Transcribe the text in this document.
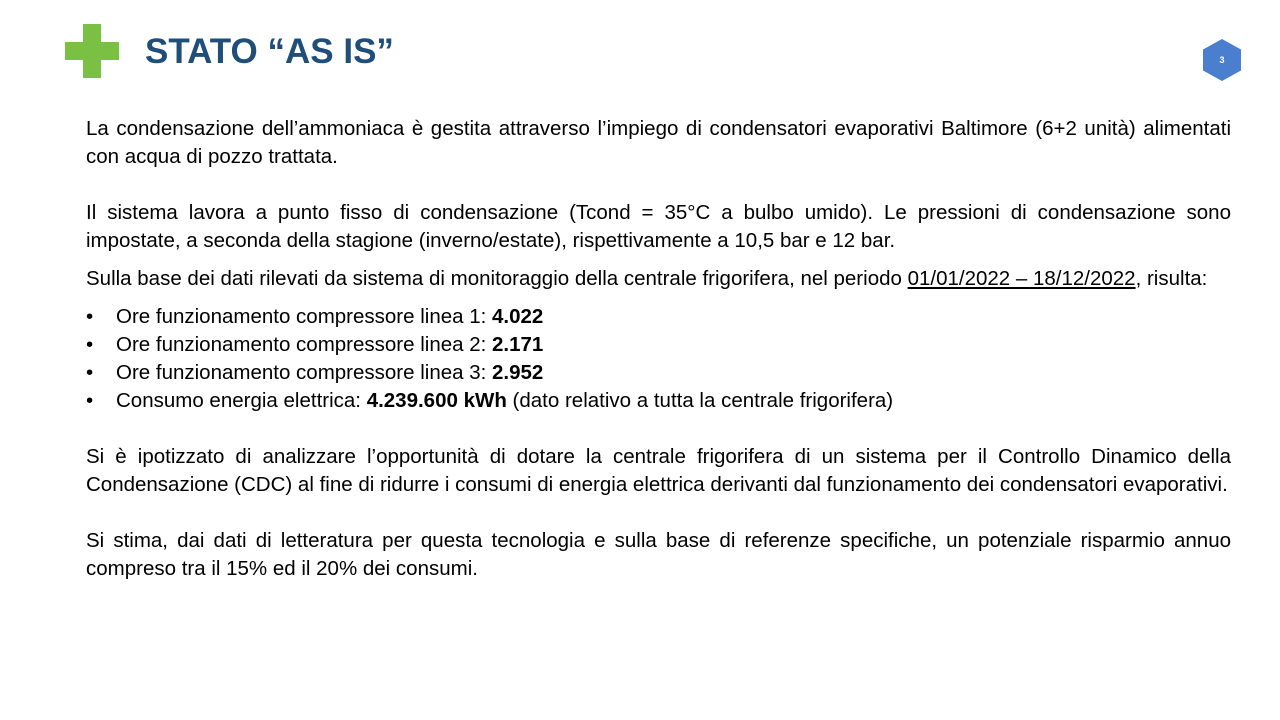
STATO “AS IS”	3

La condensazione dell’ammoniaca è gestita attraverso l’impiego di condensatori evaporativi Baltimore (6+2 unità) alimentati con acqua di pozzo trattata.

Il sistema lavora a punto fisso di condensazione (Tcond = 35°C a bulbo umido). Le pressioni di condensazione sono impostate, a seconda della stagione (inverno/estate), rispettivamente a 10,5 bar e 12 bar.

Sulla base dei dati rilevati da sistema di monitoraggio della centrale frigorifera, nel periodo 01/01/2022 – 18/12/2022, risulta:

• Ore funzionamento compressore linea 1: 4.022
• Ore funzionamento compressore linea 2: 2.171
• Ore funzionamento compressore linea 3: 2.952
• Consumo energia elettrica: 4.239.600 kWh (dato relativo a tutta la centrale frigorifera)

Si è ipotizzato di analizzare l’opportunità di dotare la centrale frigorifera di un sistema per il Controllo Dinamico della Condensazione (CDC) al fine di ridurre i consumi di energia elettrica derivanti dal funzionamento dei condensatori evaporativi.

Si stima, dai dati di letteratura per questa tecnologia e sulla base di referenze specifiche, un potenziale risparmio annuo compreso tra il 15% ed il 20% dei consumi.
